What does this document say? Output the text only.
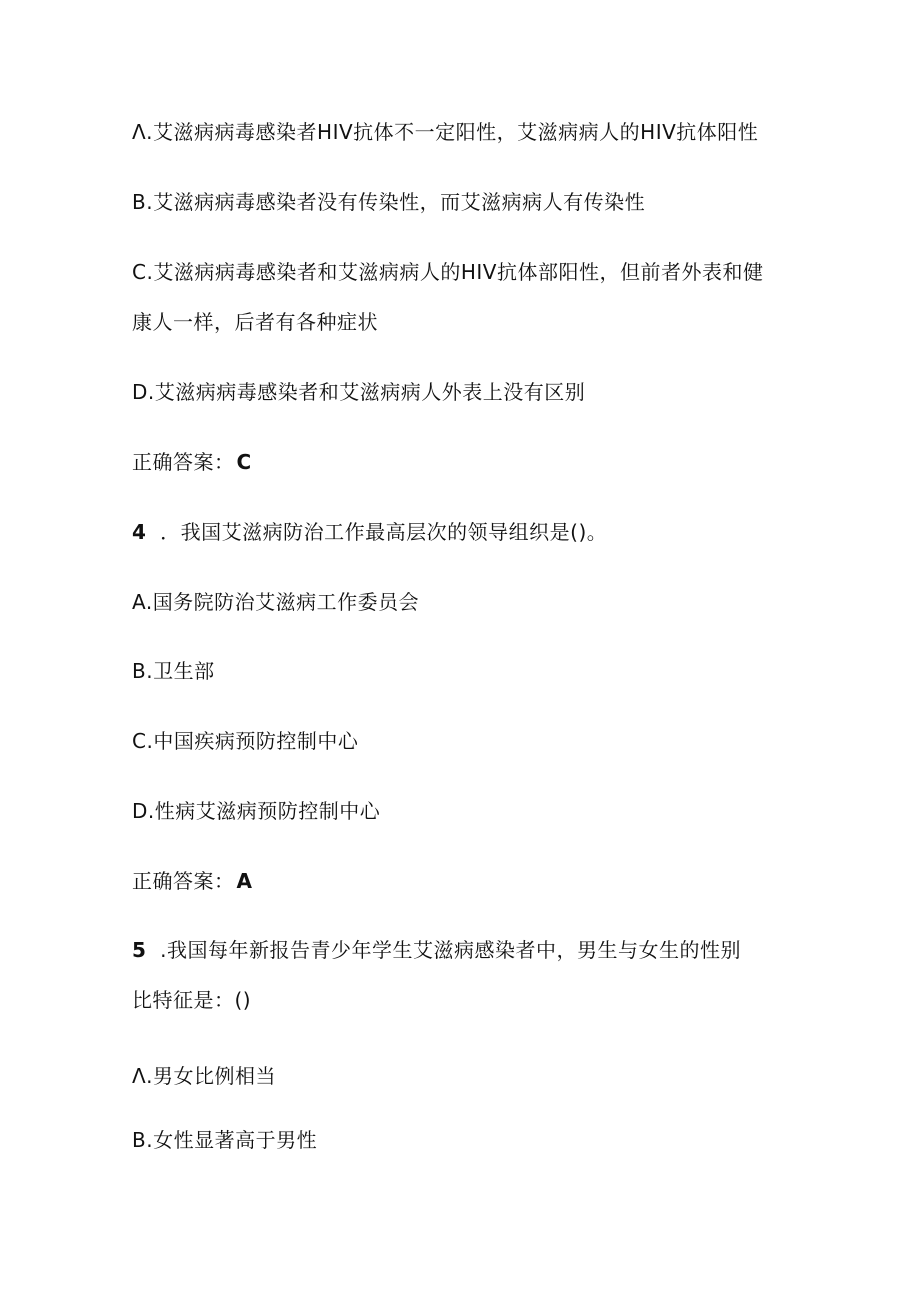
Λ.艾滋病病毒感染者HIV抗体不一定阳性，艾滋病病人的HIV抗体阳性
B.艾滋病病毒感染者没有传染性，而艾滋病病人有传染性
C.艾滋病病毒感染者和艾滋病病人的HIV抗体部阳性，但前者外表和健
康人一样，后者有各种症状
D.艾滋病病毒感染者和艾滋病病人外表上没有区别
正确答案： C
4 ．我国艾滋病防治工作最高层次的领导组织是()。
A.国务院防治艾滋病工作委员会
B.卫生部
C.中国疾病预防控制中心
D.性病艾滋病预防控制中心
正确答案： A
5 .我国每年新报告青少年学生艾滋病感染者中，男生与女生的性别
比特征是：()
Λ.男女比例相当
B.女性显著高于男性
